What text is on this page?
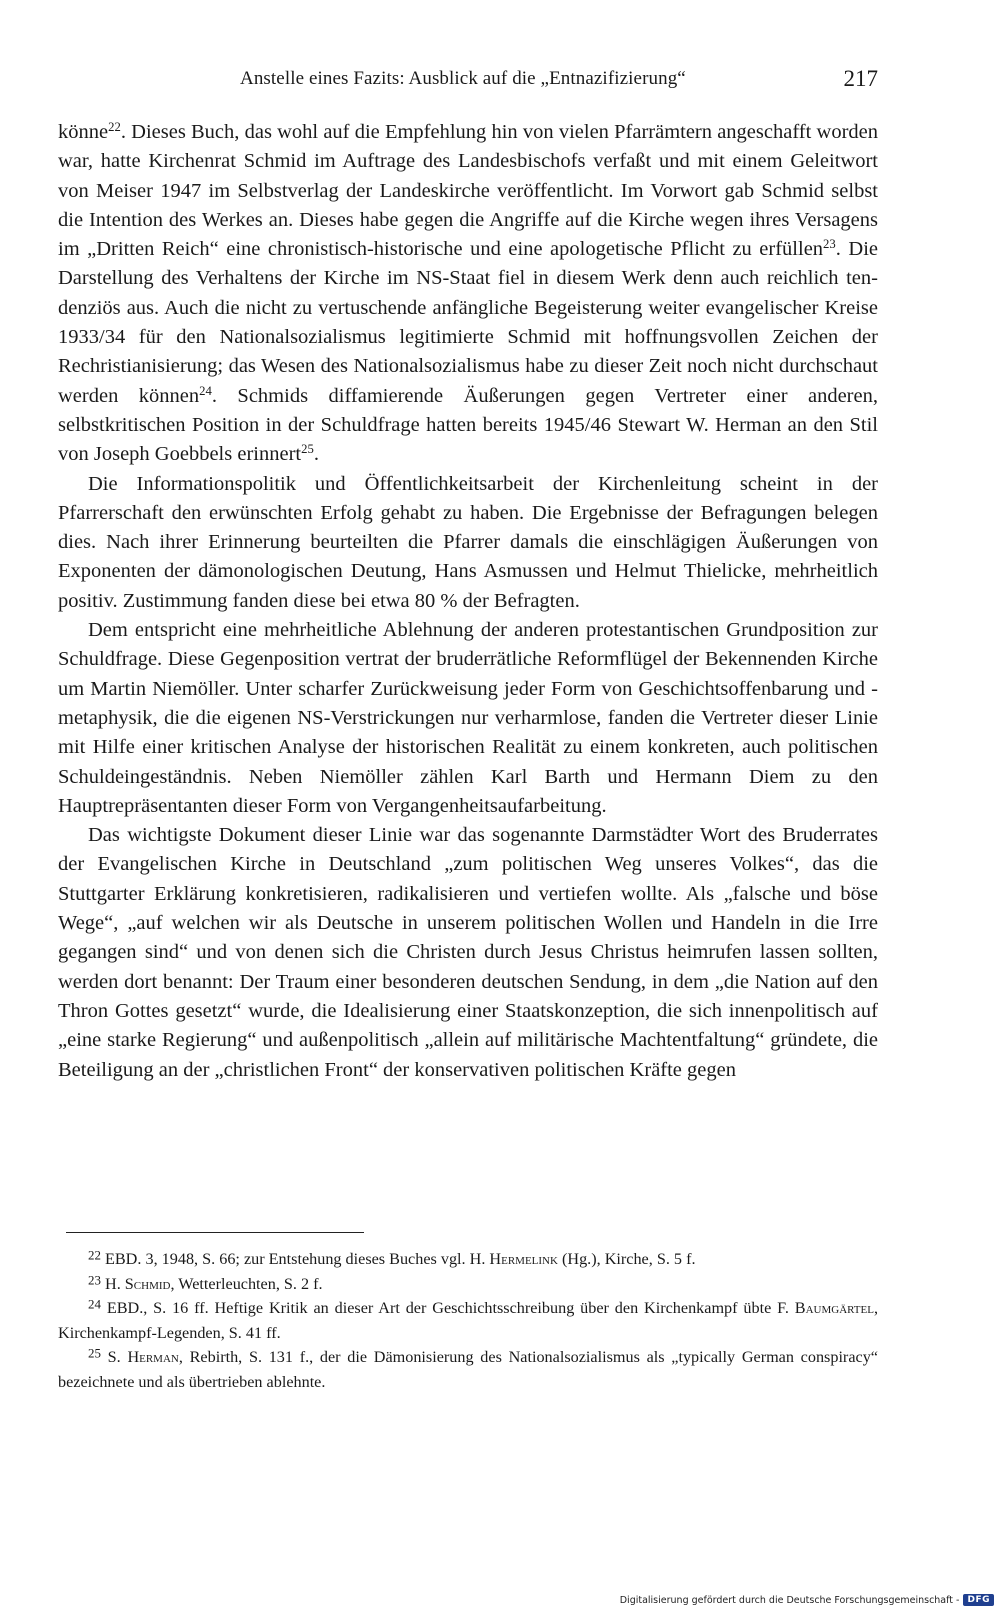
Anstelle eines Fazits: Ausblick auf die „Entnazifizierung“	217

könne$^{22}$. Dieses Buch, das wohl auf die Empfehlung hin von vielen Pfarrämtern angeschafft worden war, hatte Kirchenrat Schmid im Auftrage des Landesbischofs verfaßt und mit einem Geleitwort von Meiser 1947 im Selbstverlag der Landeskirche veröffentlicht. Im Vorwort gab Schmid selbst die Intention des Werkes an. Dieses habe gegen die Angriffe auf die Kirche wegen ihres Versagens im „Dritten Reich“ eine chronistisch-historische und eine apologetische Pflicht zu erfüllen$^{23}$. Die Darstellung des Verhaltens der Kirche im NS-Staat fiel in diesem Werk denn auch reichlich tendenziös aus. Auch die nicht zu vertuschende anfängliche Begeisterung weiter evangelischer Kreise 1933/34 für den Nationalsozialismus legitimierte Schmid mit hoffnungsvollen Zeichen der Rechristianisierung; das Wesen des Nationalsozialismus habe zu dieser Zeit noch nicht durchschaut werden können$^{24}$. Schmids diffamierende Äußerungen gegen Vertreter einer anderen, selbstkritischen Position in der Schuldfrage hatten bereits 1945/46 Stewart W. Herman an den Stil von Joseph Goebbels erinnert$^{25}$.

Die Informationspolitik und Öffentlichkeitsarbeit der Kirchenleitung scheint in der Pfarrerschaft den erwünschten Erfolg gehabt zu haben. Die Ergebnisse der Befragungen belegen dies. Nach ihrer Erinnerung beurteilten die Pfarrer damals die einschlägigen Äußerungen von Exponenten der dämonologischen Deutung, Hans Asmussen und Helmut Thielicke, mehrheitlich positiv. Zustimmung fanden diese bei etwa 80 % der Befragten.

Dem entspricht eine mehrheitliche Ablehnung der anderen protestantischen Grundposition zur Schuldfrage. Diese Gegenposition vertrat der bruderrätliche Reformflügel der Bekennenden Kirche um Martin Niemöller. Unter scharfer Zurückweisung jeder Form von Geschichtsoffenbarung und -metaphysik, die die eigenen NS-Verstrickungen nur verharmlose, fanden die Vertreter dieser Linie mit Hilfe einer kritischen Analyse der historischen Realität zu einem konkreten, auch politischen Schuldeingeständnis. Neben Niemöller zählen Karl Barth und Hermann Diem zu den Hauptrepräsentanten dieser Form von Vergangenheitsaufarbeitung.

Das wichtigste Dokument dieser Linie war das sogenannte Darmstädter Wort des Bruderrates der Evangelischen Kirche in Deutschland „zum politischen Weg unseres Volkes“, das die Stuttgarter Erklärung konkretisieren, radikalisieren und vertiefen wollte. Als „falsche und böse Wege“, „auf welchen wir als Deutsche in unserem politischen Wollen und Handeln in die Irre gegangen sind“ und von denen sich die Christen durch Jesus Christus heimrufen lassen sollten, werden dort benannt: Der Traum einer besonderen deutschen Sendung, in dem „die Nation auf den Thron Gottes gesetzt“ wurde, die Idealisierung einer Staatskonzeption, die sich innenpolitisch auf „eine starke Regierung“ und außenpolitisch „allein auf militärische Machtentfaltung“ gründete, die Beteiligung an der „christlichen Front“ der konservativen politischen Kräfte gegen

$^{22}$ EBD. 3, 1948, S. 66; zur Entstehung dieses Buches vgl. H. Hermelink (Hg.), Kirche, S. 5 f.

$^{23}$ H. Schmid, Wetterleuchten, S. 2 f.

$^{24}$ EBD., S. 16 ff. Heftige Kritik an dieser Art der Geschichtsschreibung über den Kirchenkampf übte F. Baumgärtel, Kirchenkampf-Legenden, S. 41 ff.

$^{25}$ S. Herman, Rebirth, S. 131 f., der die Dämonisierung des Nationalsozialismus als „typically German conspiracy“ bezeichnete und als übertrieben ablehnte.

Digitalisierung gefördert durch die Deutsche Forschungsgemeinschaft - DFG
